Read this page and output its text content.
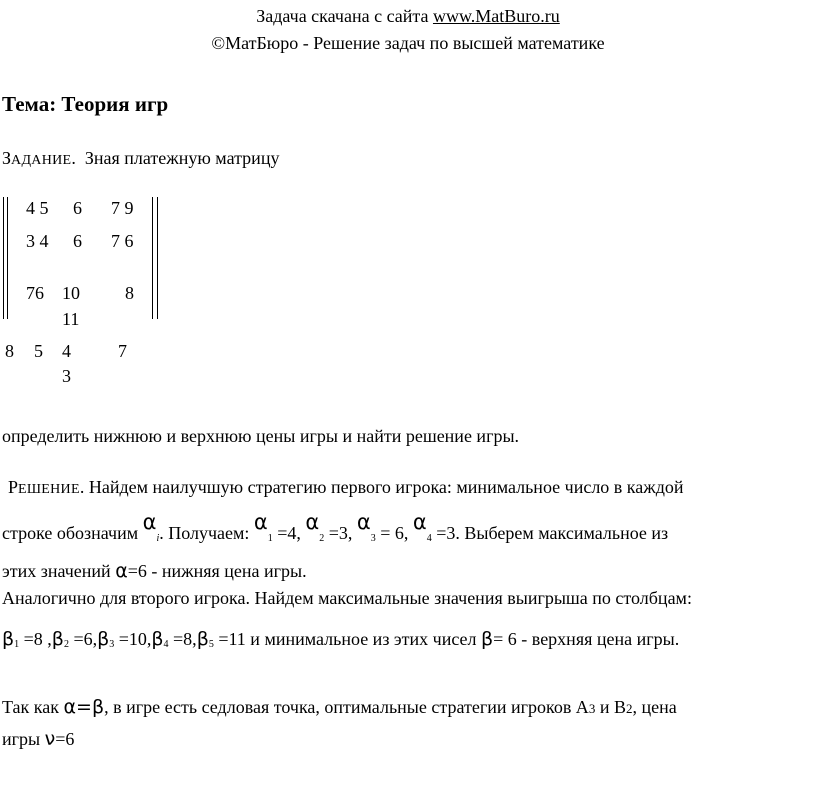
Задача скачана с сайта www.MatBuro.ru
©МатБюро - Решение задач по высшей математике
Тема: Теория игр
ЗАДАНИЕ. Зная платежную матрицу
4 5 6 7 9
3 4 6 7 6
76 10	8
11
8 5 4	7
3
определить нижнюю и верхнюю цены игры и найти решение игры.
РЕШЕНИЕ. Найдем наилучшую стратегию первого игрока: минимальное число в каждой
строке обозначим $\alpha_i$. Получаем: $\alpha_1 =4$, $\alpha_2 =3$, $\alpha_3 = 6$, $\alpha_4 =3$. Выберем максимальное из
этих значений α=6 - нижняя цена игры.
Аналогично для второго игрока. Найдем максимальные значения выигрыша по столбцам:
$\beta_1 =8$ $,\beta_2 =6,\beta_3 =10,\beta_4 =8,\beta_5 =11$ и минимальное из этих чисел β= 6 - верхняя цена игры.
Так как α=β, в игре есть седловая точка, оптимальные стратегии игроков А3 и В2, цена
игры ν=6
